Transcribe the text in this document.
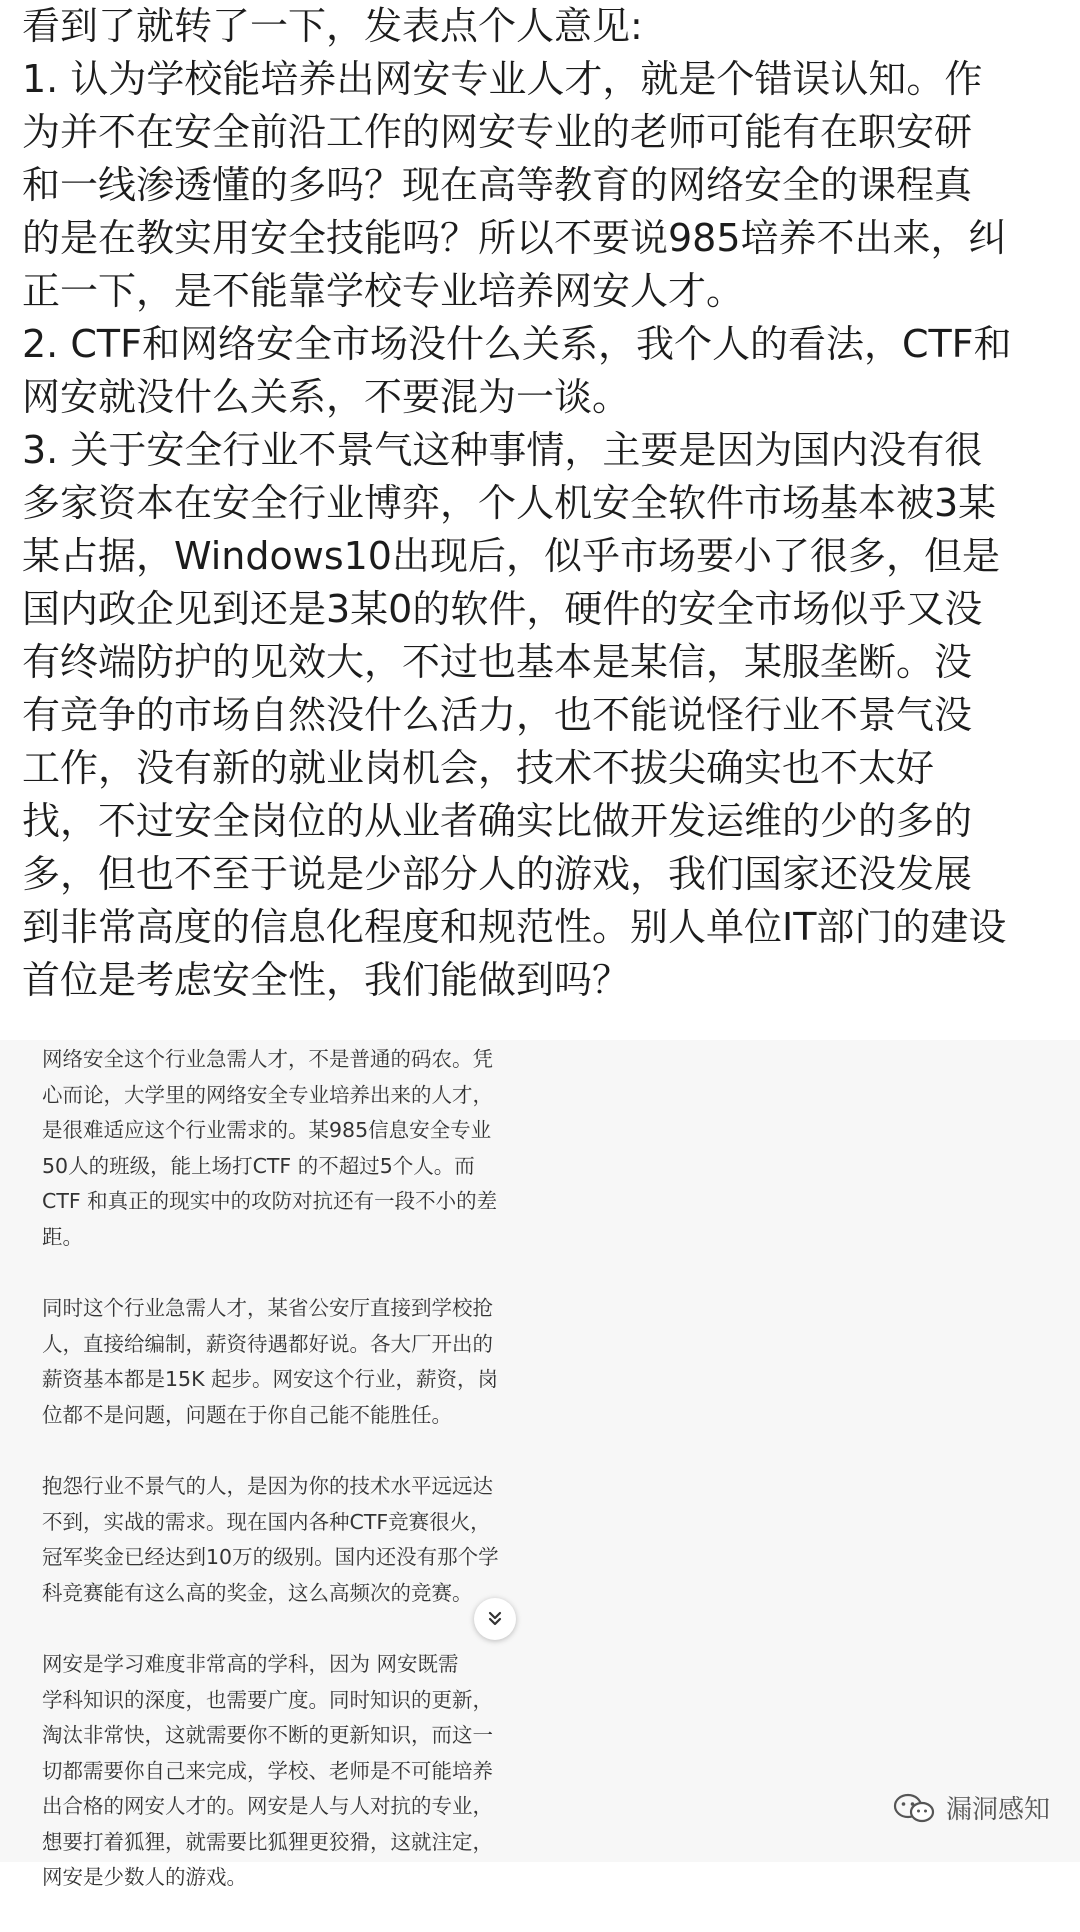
看到了就转了一下，发表点个人意见:

1. 认为学校能培养出网安专业人才，就是个错误认知。作

为并不在安全前沿工作的网安专业的老师可能有在职安研

和一线渗透懂的多吗？现在高等教育的网络安全的课程真

的是在教实用安全技能吗？所以不要说985培养不出来，纠

正一下，是不能靠学校专业培养网安人才。

2. CTF和网络安全市场没什么关系，我个人的看法，CTF和

网安就没什么关系，不要混为一谈。

3. 关于安全行业不景气这种事情，主要是因为国内没有很

多家资本在安全行业博弈，个人机安全软件市场基本被3某

某占据，Windows10出现后，似乎市场要小了很多，但是

国内政企见到还是3某0的软件，硬件的安全市场似乎又没

有终端防护的见效大，不过也基本是某信，某服垄断。没

有竞争的市场自然没什么活力，也不能说怪行业不景气没

工作，没有新的就业岗机会，技术不拔尖确实也不太好

找，不过安全岗位的从业者确实比做开发运维的少的多的

多，但也不至于说是少部分人的游戏，我们国家还没发展

到非常高度的信息化程度和规范性。别人单位IT部门的建设

首位是考虑安全性，我们能做到吗？

网络安全这个行业急需人才，不是普通的码农。凭

心而论，大学里的网络安全专业培养出来的人才，

是很难适应这个行业需求的。某985信息安全专业

50人的班级，能上场打CTF 的不超过5个人。而

CTF 和真正的现实中的攻防对抗还有一段不小的差

距。

同时这个行业急需人才，某省公安厅直接到学校抢

人，直接给编制，薪资待遇都好说。各大厂开出的

薪资基本都是15K 起步。网安这个行业，薪资，岗

位都不是问题，问题在于你自己能不能胜任。

抱怨行业不景气的人，是因为你的技术水平远远达

不到，实战的需求。现在国内各种CTF竞赛很火，

冠军奖金已经达到10万的级别。国内还没有那个学

科竞赛能有这么高的奖金，这么高频次的竞赛。

网安是学习难度非常高的学科，因为 网安既需

学科知识的深度，也需要广度。同时知识的更新，

淘汰非常快，这就需要你不断的更新知识，而这一

切都需要你自己来完成，学校、老师是不可能培养

出合格的网安人才的。网安是人与人对抗的专业，

想要打着狐狸，就需要比狐狸更狡猾，这就注定，

网安是少数人的游戏。

漏洞感知
